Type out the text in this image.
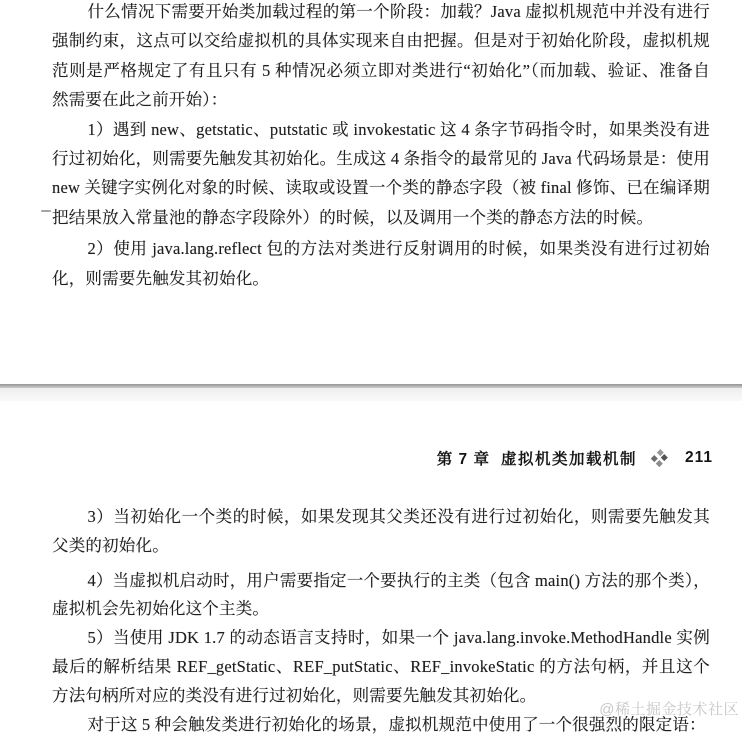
什么情况下需要开始类加载过程的第一个阶段：加载？Java 虚拟机规范中并没有进行强制约束，这点可以交给虚拟机的具体实现来自由把握。但是对于初始化阶段，虚拟机规范则是严格规定了有且只有 5 种情况必须立即对类进行“初始化”（而加载、验证、准备自然需要在此之前开始）：

1）遇到 new、getstatic、putstatic 或 invokestatic 这 4 条字节码指令时，如果类没有进行过初始化，则需要先触发其初始化。生成这 4 条指令的最常见的 Java 代码场景是：使用 new 关键字实例化对象的时候、读取或设置一个类的静态字段（被 final 修饰、已在编译期把结果放入常量池的静态字段除外）的时候，以及调用一个类的静态方法的时候。

2）使用 java.lang.reflect 包的方法对类进行反射调用的时候，如果类没有进行过初始化，则需要先触发其初始化。

第 7 章 虚拟机类加载机制	211

3）当初始化一个类的时候，如果发现其父类还没有进行过初始化，则需要先触发其父类的初始化。

4）当虚拟机启动时，用户需要指定一个要执行的主类（包含 main() 方法的那个类），虚拟机会先初始化这个主类。

5）当使用 JDK 1.7 的动态语言支持时，如果一个 java.lang.invoke.MethodHandle 实例最后的解析结果 REF_getStatic、REF_putStatic、REF_invokeStatic 的方法句柄，并且这个方法句柄所对应的类没有进行过初始化，则需要先触发其初始化。

对于这 5 种会触发类进行初始化的场景，虚拟机规范中使用了一个很强烈的限定语：

@稀土掘金技术社区
